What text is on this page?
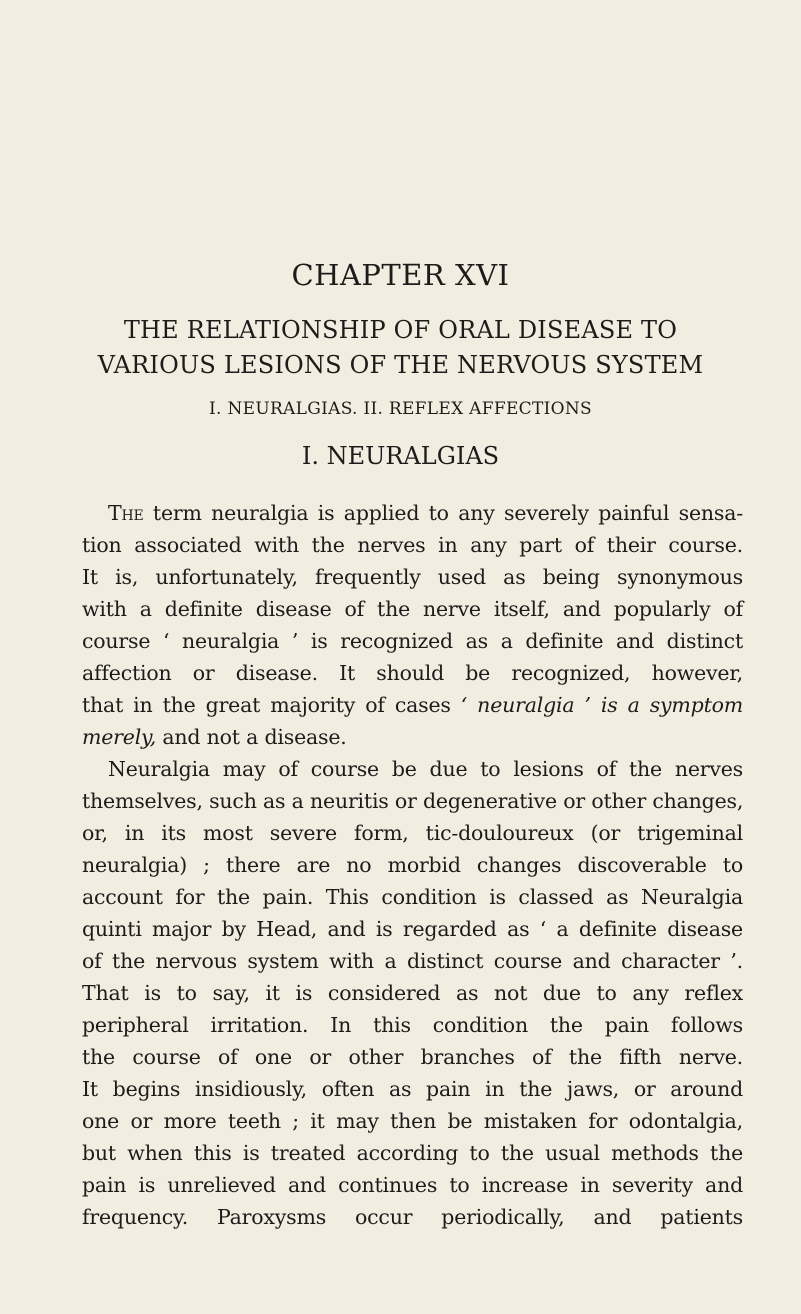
CHAPTER XVI
THE RELATIONSHIP OF ORAL DISEASE TO
VARIOUS LESIONS OF THE NERVOUS SYSTEM

I. NEURALGIAS. II. REFLEX AFFECTIONS

I. NEURALGIAS
The term neuralgia is applied to any severely painful sensa-
tion associated with the nerves in any part of their course.
It is, unfortunately, frequently used as being synonymous
with a definite disease of the nerve itself, and popularly of
course ‘ neuralgia ’ is recognized as a definite and distinct
affection or disease. It should be recognized, however,
that in the great majority of cases ‘ neuralgia ’ is a symptom
merely, and not a disease.
Neuralgia may of course be due to lesions of the nerves
themselves, such as a neuritis or degenerative or other changes,
or, in its most severe form, tic-douloureux (or trigeminal
neuralgia) ; there are no morbid changes discoverable to
account for the pain. This condition is classed as Neuralgia
quinti major by Head, and is regarded as ‘ a definite disease
of the nervous system with a distinct course and character ’.
That is to say, it is considered as not due to any reflex
peripheral irritation. In this condition the pain follows
the course of one or other branches of the fifth nerve.
It begins insidiously, often as pain in the jaws, or around
one or more teeth ; it may then be mistaken for odontalgia,
but when this is treated according to the usual methods the
pain is unrelieved and continues to increase in severity and
frequency. Paroxysms occur periodically, and patients
